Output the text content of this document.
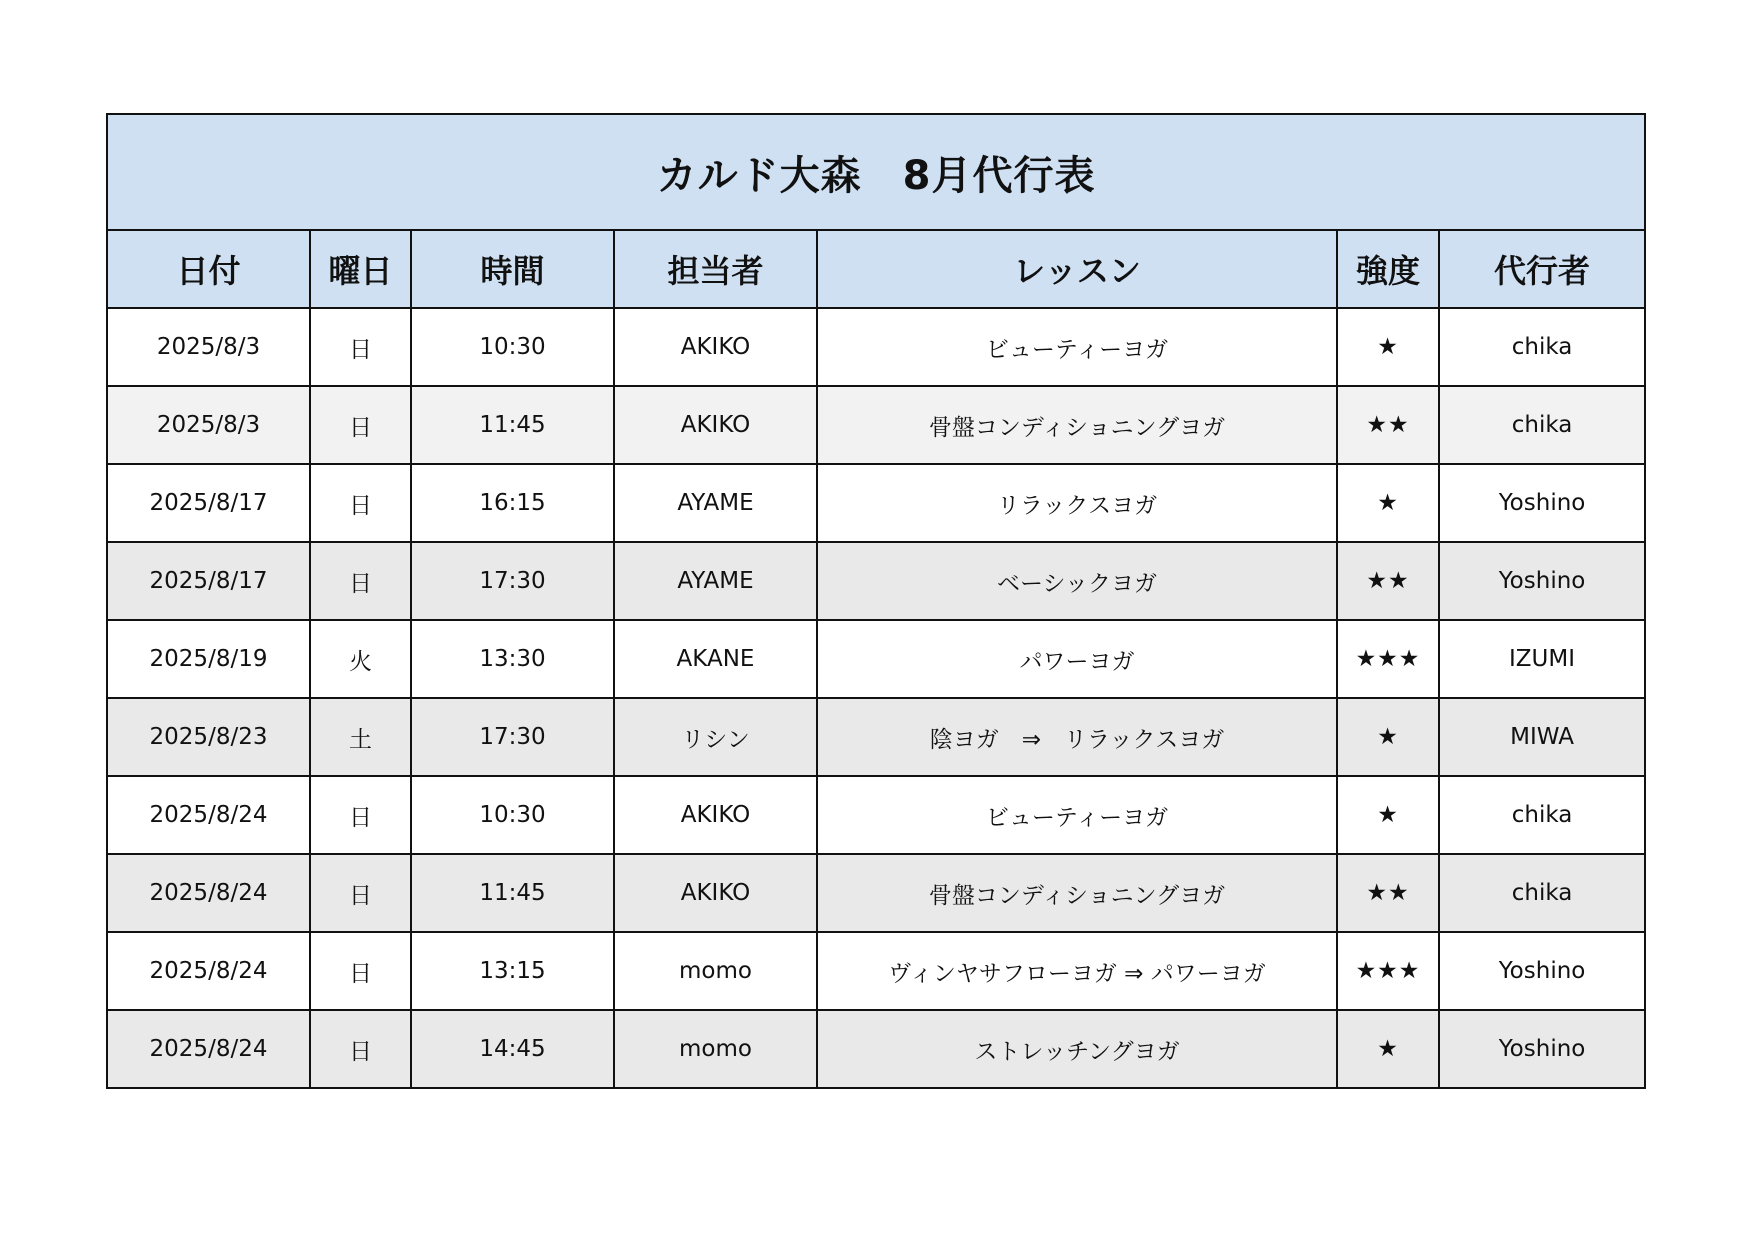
カルド大森　8月代行表						
日付	曜日	時間	担当者	レッスン	強度	代行者
2025/8/3	日	10:30	AKIKO	ビューティーヨガ	★	chika
2025/8/3	日	11:45	AKIKO	骨盤コンディショニングヨガ	★★	chika
2025/8/17	日	16:15	AYAME	リラックスヨガ	★	Yoshino
2025/8/17	日	17:30	AYAME	ベーシックヨガ	★★	Yoshino
2025/8/19	火	13:30	AKANE	パワーヨガ	★★★	IZUMI
2025/8/23	土	17:30	リシン	陰ヨガ　⇒　リラックスヨガ	★	MIWA
2025/8/24	日	10:30	AKIKO	ビューティーヨガ	★	chika
2025/8/24	日	11:45	AKIKO	骨盤コンディショニングヨガ	★★	chika
2025/8/24	日	13:15	momo	ヴィンヤサフローヨガ ⇒ パワーヨガ	★★★	Yoshino
2025/8/24	日	14:45	momo	ストレッチングヨガ	★	Yoshino
